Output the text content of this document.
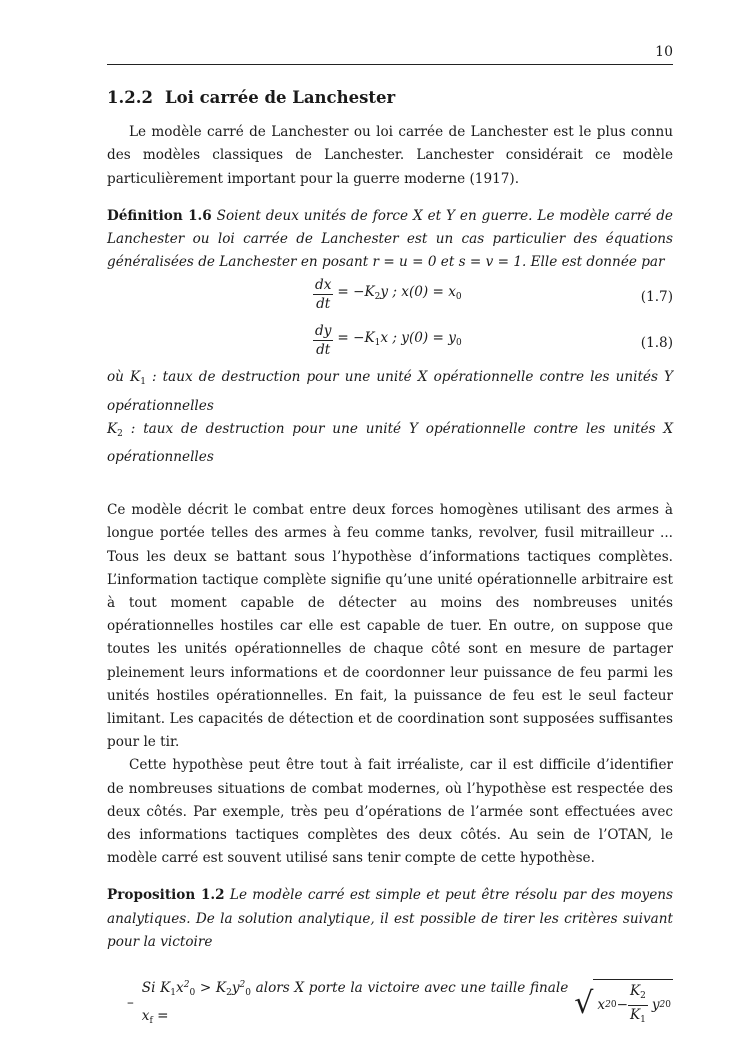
10
1.2.2 Loi carrée de Lanchester

Le modèle carré de Lanchester ou loi carrée de Lanchester est le plus connu des modèles classiques de Lanchester. Lanchester considérait ce modèle particulièrement important pour la guerre moderne (1917).

Définition 1.6 Soient deux unités de force X et Y en guerre. Le modèle carré de Lanchester ou loi carrée de Lanchester est un cas particulier des équations généralisées de Lanchester en posant r = u = 0 et s = v = 1. Elle est donnée par

$\frac{dx}{dt} = -K_2y$ ; $x(0) = x_0$	(1.7)
$\frac{dy}{dt} = -K_1x$ ; $y(0) = y_0$	(1.8)

où $K_1$ : taux de destruction pour une unité X opérationnelle contre les unités Y opérationnelles

$K_2$ : taux de destruction pour une unité Y opérationnelle contre les unités X opérationnelles

Ce modèle décrit le combat entre deux forces homogènes utilisant des armes à longue portée telles des armes à feu comme tanks, revolver, fusil mitrailleur ... Tous les deux se battant sous l’hypothèse d’informations tactiques complètes. L’information tactique complète signifie qu’une unité opérationnelle arbitraire est à tout moment capable de détecter au moins des nombreuses unités opérationnelles hostiles car elle est capable de tuer. En outre, on suppose que toutes les unités opérationnelles de chaque côté sont en mesure de partager pleinement leurs informations et de coordonner leur puissance de feu parmi les unités hostiles opérationnelles. En fait, la puissance de feu est le seul facteur limitant. Les capacités de détection et de coordination sont supposées suffisantes pour le tir.

Cette hypothèse peut être tout à fait irréaliste, car il est difficile d’identifier de nombreuses situations de combat modernes, où l’hypothèse est respectée des deux côtés. Par exemple, très peu d’opérations de l’armée sont effectuées avec des informations tactiques complètes des deux côtés. Au sein de l’OTAN, le modèle carré est souvent utilisé sans tenir compte de cette hypothèse.

Proposition 1.2 Le modèle carré est simple et peut être résolu par des moyens analytiques. De la solution analytique, il est possible de tirer les critères suivant pour la victoire

–
Si $K_1x^2_0 > K_2y^2_0$ alors X porte la victoire avec une taille finale $x_f$ =	√ x 2 $0 - \frac{K_2}{K_1}$ y 2 0
